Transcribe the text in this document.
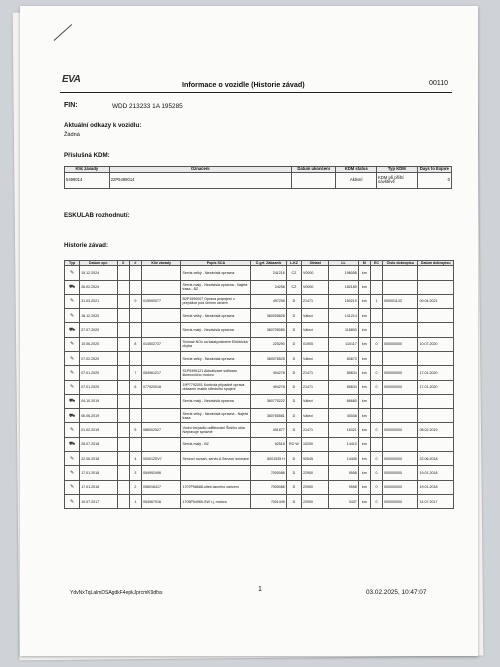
EVA	Informace o vozidle (Historie závad)	00110
FIN:	WDD 213233 1A 195285
Aktuální odkazy k vozidlu:
Žádná
Příslušná KDM:
Klíč závady	Označení	Datum ukončení	KDM status	Typ KDM	Days to Expire
5499014	22P5499014		Aktivní	KDM při příští návštěvě	0
ESKULAB rozhodnutí:
Historie závad:
Typ	Datum opr.	X	#	Klíč závady	Popis SCA	Č.grf. Zákazník	L-KZ	Oblast	LL	M	EC	Číslo dobropisu	Datum dobropisu
✎	15.12.2024				Servis velký - Nezávislá opravna	241216	CZ	V0000	196056	km			
⛟	26.02.2024				Servis malý - Nezávislá opravna - Najetá trasa - BZ	24258	CZ	V0000	182189	km			
✎	31.03.2021		0	015900077	B2P1590007 Oprava propojení v prepážce pod čelním oknem	497256	D	21471	150219	km	1	000001143	09.04.2021
✎	18.12.2020				Servis velký - Nezávislá opravna	360005826	D	Válecí	141214	km			
⛟	27.07.2020				Servis malý - Nezávislá opravna	360705080	D	Válecí	116803	km			
✎	10.06.2020		8	014502737	Snímač NOx za katalyzátorem Elektrická chyba	225290	D	01905	110117	km	0	000000000	10.07.2020
✎	07.02.2020				Servis velký - Nezávislá opravna	360078525	D	Válecí	83673	km			
✎	07.01.2020		7	054961217	S1P5496121 Aktualizace softwaru škrenovicho motoru	494278	D	21471	85634	km	0	000000000	17.01.2020
✎	07.01.2020		6	077920018	19P7792001 Kontrola případně oprava dotazení matek středního spojeni	494278	D	21471	85634	km	0	000000000	17.01.2020
⛟	04.10.2019				Servis malý - Nezávislá opravna	360775222	D	Válecí	66680	km			
⛟	06.06.2019				Servis velký - Nezávislá opravna - Najetá trasa	360765581	D	Válecí	40048	km			
✎	01.02.2019		5	086002527	Vodní čerpadlo odfiltrování Širšího okla Nepravuje správně	491877	D	21471	16321	km	0	000000000	08.02.2019
⛟	25.07.2018				Servis malý - BZ	62518	RO W	10200	14410	km			
✎	22.06.2018		4	000012SV7	Senzorí rozsah, servis A Senzorí snímavé	8001935 H	D	92645	14405	km	0	000000000	22.06.2018
✎	17.01.2018		3	054992496		7000086	D	22900	9558	km	0	000000000	19.01.2018
✎	17.01.2018		2	058916417	1707P58688-oltek lacneho zarizeni	7000086	D	22900	9558	km	0	000000000	19.01.2018
✎	10.07.2017		1	054967016	1705P54965-SW r.j. motoru	7001449	D	22900	3437	km	0	000000000	14.07.2017
YdvNxTqLalmDSAgdkF4epkJprcmK9dfss	1	03.02.2025, 10:47:07
